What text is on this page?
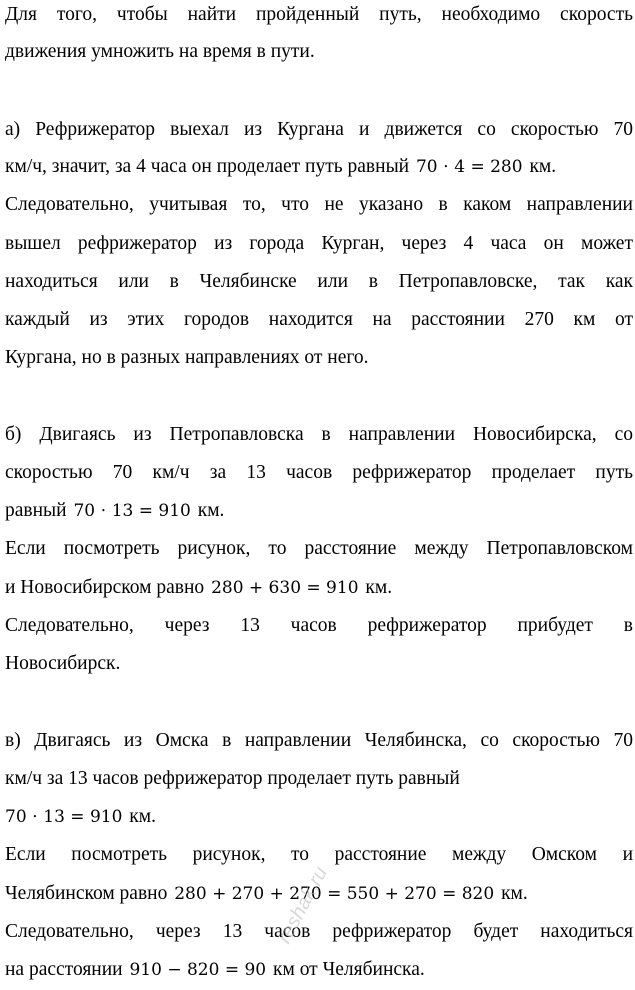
Для того, чтобы найти пройденный путь, необходимо скорость
движения умножить на время в пути.
а) Рефрижератор выехал из Кургана и движется со скоростью 70
км/ч, значит, за 4 часа он проделает путь равный 70 ⋅ 4 = 280 км.
Следовательно, учитывая то, что не указано в каком направлении
вышел рефрижератор из города Курган, через 4 часа он может
находиться или в Челябинске или в Петропавловске, так как
каждый из этих городов находится на расстоянии 270 км от
Кургана, но в разных направлениях от него.
б) Двигаясь из Петропавловска в направлении Новосибирска, со
скоростью 70 км/ч за 13 часов рефрижератор проделает путь
равный 70 ⋅ 13 = 910 км.
Если посмотреть рисунок, то расстояние между Петропавловском
и Новосибирском равно 280 + 630 = 910 км.
Следовательно, через 13 часов рефрижератор прибудет в
Новосибирск.
в) Двигаясь из Омска в направлении Челябинска, со скоростью 70
км/ч за 13 часов рефрижератор проделает путь равный
70 ⋅ 13 = 910 км.
Если посмотреть рисунок, то расстояние между Омском и
Челябинском равно 280 + 270 + 270 = 550 + 270 = 820 км.
Следовательно, через 13 часов рефрижератор будет находиться
на расстоянии 910 − 820 = 90 км от Челябинска.
reshak.ru
